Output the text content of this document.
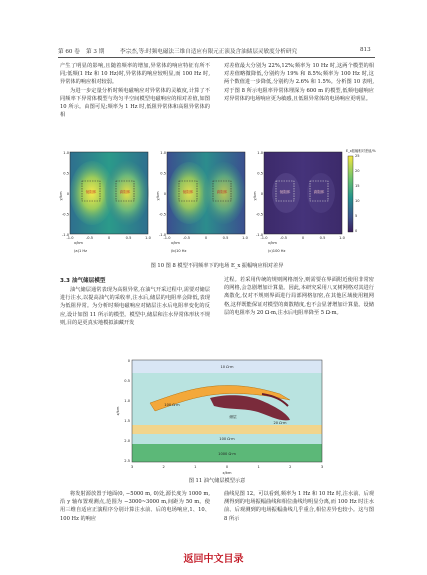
第 60 卷 第 3 期	李宗杰,等:时频电磁法三维自适应有限元正演及含油储层灵敏度分析研究	813

产生了明显的影响,且随着频率的增加,异常体的响应特征有所不同;低频(1 Hz 和 10 Hz)时,异常体的响应较明显,而 100 Hz 时,异常体的响应相对较弱。

为进一步定量分析时频电磁响应对异常体的灵敏度,计算了不同频率下异常体模型与均匀半空间模型电磁响应的相对差值,如图 10 所示。由图可见;频率为 1 Hz 时,低阻异常体和高阻异常体的相

对差值最大分别为 22%,12%;频率为 10 Hz 时,这两个模型的相对差值略微降低,分别约为 19% 和 8.5%;频率为 100 Hz 时,这两个数值进一步降低,分别约为 2.6% 和 1.5%。分析图 10 表明,对于图 8 所示电阻率异常体埋深为 600 m 的模型,低频电磁响应对异常体的电场响应更为敏感,且低阻异常体的电场响应更明显。

低阻体	高阻体	低阻体	高阻体	低阻体	高阻体
y/km	y/km	y/km
1.0
0.5
0
-0.5
-1.0
1.0
0.5
0
-0.5
-1.0
1.0
0.5
0
-0.5
-1.0
-1.0	-0.5	0	0.5	1.0	-1.0	-0.5	0	0.5	1.0	-1.0	-0.5	0	0.5	1.0
x/km	x/km	x/km
E_x振幅相对差值/%
25
20
15
10
5
0
(a)1 Hz	(b)10 Hz	(c)100 Hz
图 10 图 8 模型不同频率下的电场 E_x 振幅响应相对差异
3.3 油气储层模型

油气储层通常表现为高阻异常,在油气开采过程中,需要对储层进行注水,以提高油气的采收率,注水后,储层的电阻率会降低,表现为低阻异常。为分析时频电磁响应对储层注水后电阻率变化的反应,设计如图 11 所示的模型。模型中,储层和注水异常体形状不规则,目的是更真实地模拟油藏开发

过程。若采用传统的规则网格剖分,则需要在界面附近使用非常密的网格,会急剧增加计算量。因此,本研究采用八叉树网格对其进行离散化,仅对不规则界面进行局部网格加密,在其他区域使用粗网格,这样既能保证对模型的离散精度,也不会显著增加计算量。设储层的电阻率为 20 Ω·m,注水后电阻率降至 5 Ω·m。

10 Ω·m
100 Ω·m
20 Ω·m
100 Ω·m
1000 Ω·m
储层
z/km
x/km
3	2	1	0	1	2	3
0
0.5
1.0
1.5
2.0
2.5
图 11 油气储层模型示意

将发射源放置于地面(0, −5000 m, 0)处,源长度为 1000 m,沿 y 轴布置观测点,范围为 −3000~3000 m,间距为 50 m。使用三维自适应正演程序分别计算注水前、后的电场响应,1、10、100 Hz 的响应

曲线见图 12。可以看到,频率为 1 Hz 和 10 Hz 时,注水前、后观测得到的电场振幅曲线和相位曲线均明显分离,而 100 Hz 时注水前、后观测到的电场振幅曲线几乎重合,相位差异也较小。这与图 8 所示

返回中文目录
